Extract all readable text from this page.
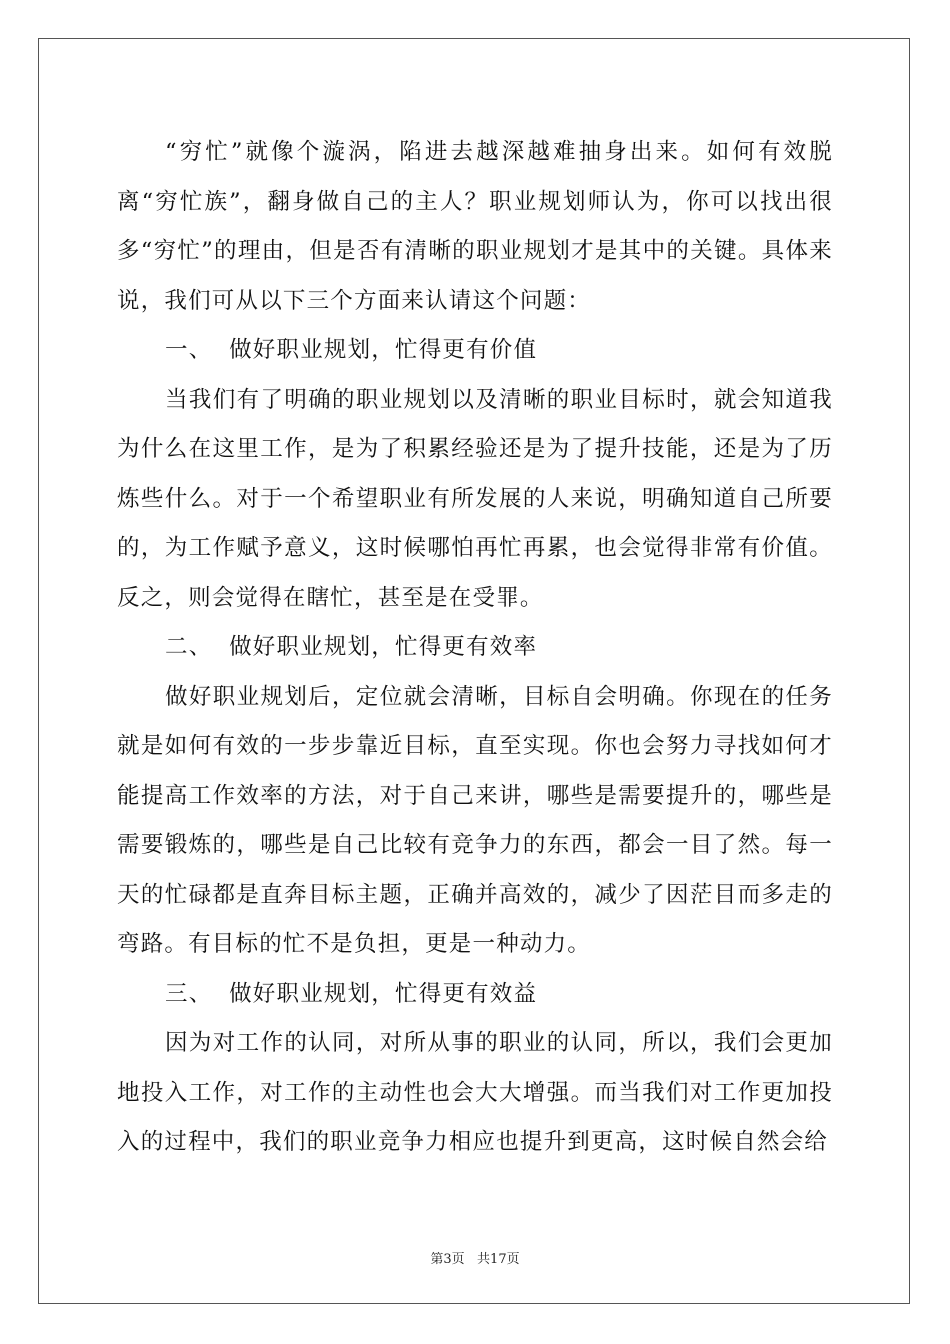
“穷忙”就像个漩涡，陷进去越深越难抽身出来。如何有效脱离“穷忙族”，翻身做自己的主人？职业规划师认为，你可以找出很多“穷忙”的理由，但是否有清晰的职业规划才是其中的关键。具体来说，我们可从以下三个方面来认请这个问题：

一、  做好职业规划，忙得更有价值

当我们有了明确的职业规划以及清晰的职业目标时，就会知道我为什么在这里工作，是为了积累经验还是为了提升技能，还是为了历炼些什么。对于一个希望职业有所发展的人来说，明确知道自己所要的，为工作赋予意义，这时候哪怕再忙再累，也会觉得非常有价值。反之，则会觉得在瞎忙，甚至是在受罪。

二、  做好职业规划，忙得更有效率

做好职业规划后，定位就会清晰，目标自会明确。你现在的任务就是如何有效的一步步靠近目标，直至实现。你也会努力寻找如何才能提高工作效率的方法，对于自己来讲，哪些是需要提升的，哪些是需要锻炼的，哪些是自己比较有竞争力的东西，都会一目了然。每一天的忙碌都是直奔目标主题，正确并高效的，减少了因茫目而多走的弯路。有目标的忙不是负担，更是一种动力。

三、  做好职业规划，忙得更有效益

因为对工作的认同，对所从事的职业的认同，所以，我们会更加地投入工作，对工作的主动性也会大大增强。而当我们对工作更加投入的过程中，我们的职业竞争力相应也提升到更高，这时候自然会给

第3页   共17页
